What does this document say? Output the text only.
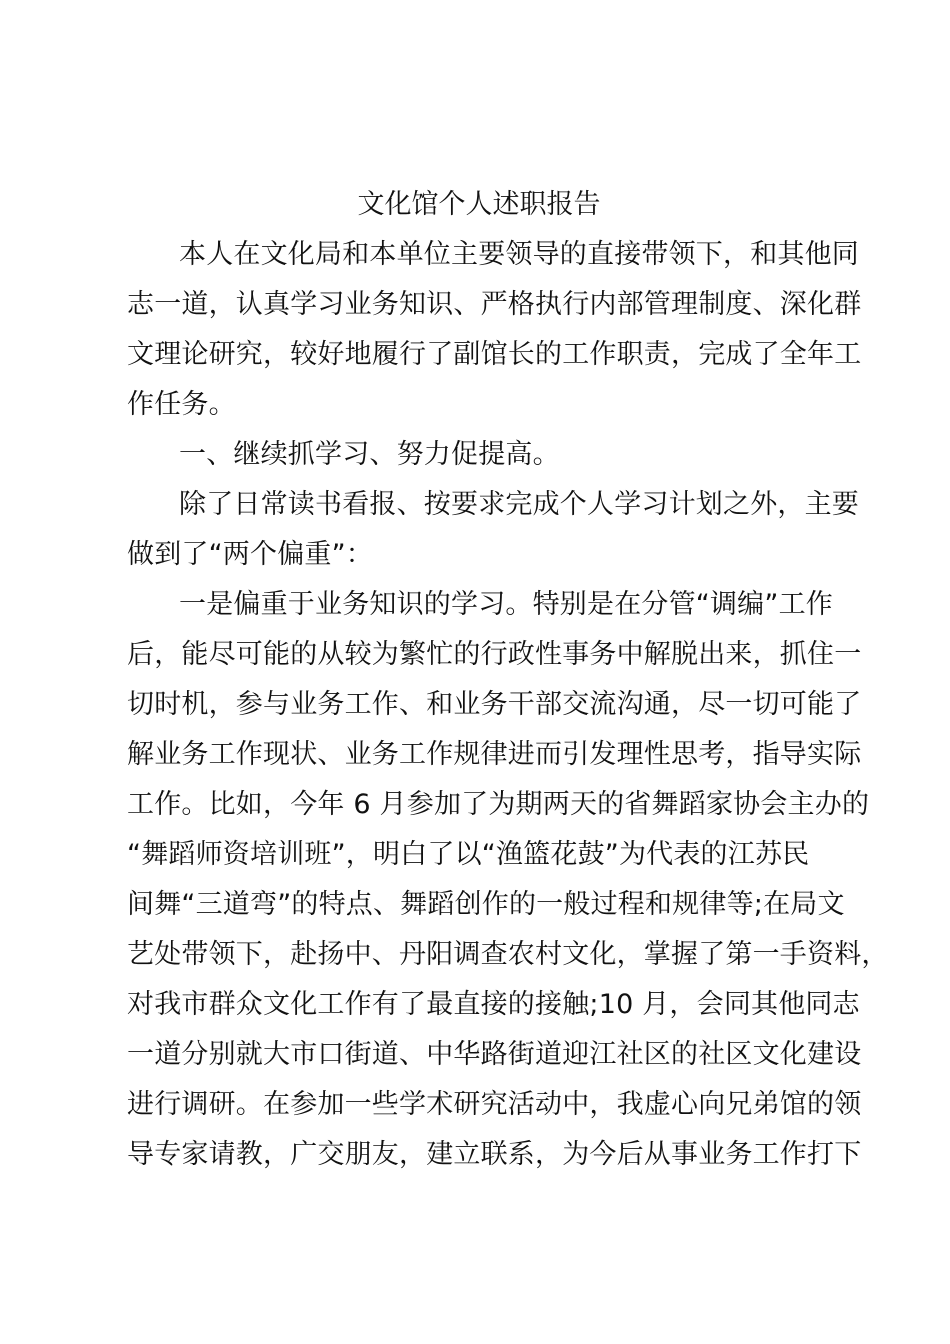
文化馆个人述职报告
本人在文化局和本单位主要领导的直接带领下，和其他同
志一道，认真学习业务知识、严格执行内部管理制度、深化群
文理论研究，较好地履行了副馆长的工作职责，完成了全年工
作任务。
一、继续抓学习、努力促提高。
除了日常读书看报、按要求完成个人学习计划之外，主要
做到了“两个偏重”：
一是偏重于业务知识的学习。特别是在分管“调编”工作
后，能尽可能的从较为繁忙的行政性事务中解脱出来，抓住一
切时机，参与业务工作、和业务干部交流沟通，尽一切可能了
解业务工作现状、业务工作规律进而引发理性思考，指导实际
工作。比如，今年 6 月参加了为期两天的省舞蹈家协会主办的
“舞蹈师资培训班”，明白了以“渔篮花鼓”为代表的江苏民
间舞“三道弯”的特点、舞蹈创作的一般过程和规律等;在局文
艺处带领下，赴扬中、丹阳调查农村文化，掌握了第一手资料，
对我市群众文化工作有了最直接的接触;10 月，会同其他同志
一道分别就大市口街道、中华路街道迎江社区的社区文化建设
进行调研。在参加一些学术研究活动中，我虚心向兄弟馆的领
导专家请教，广交朋友，建立联系，为今后从事业务工作打下
